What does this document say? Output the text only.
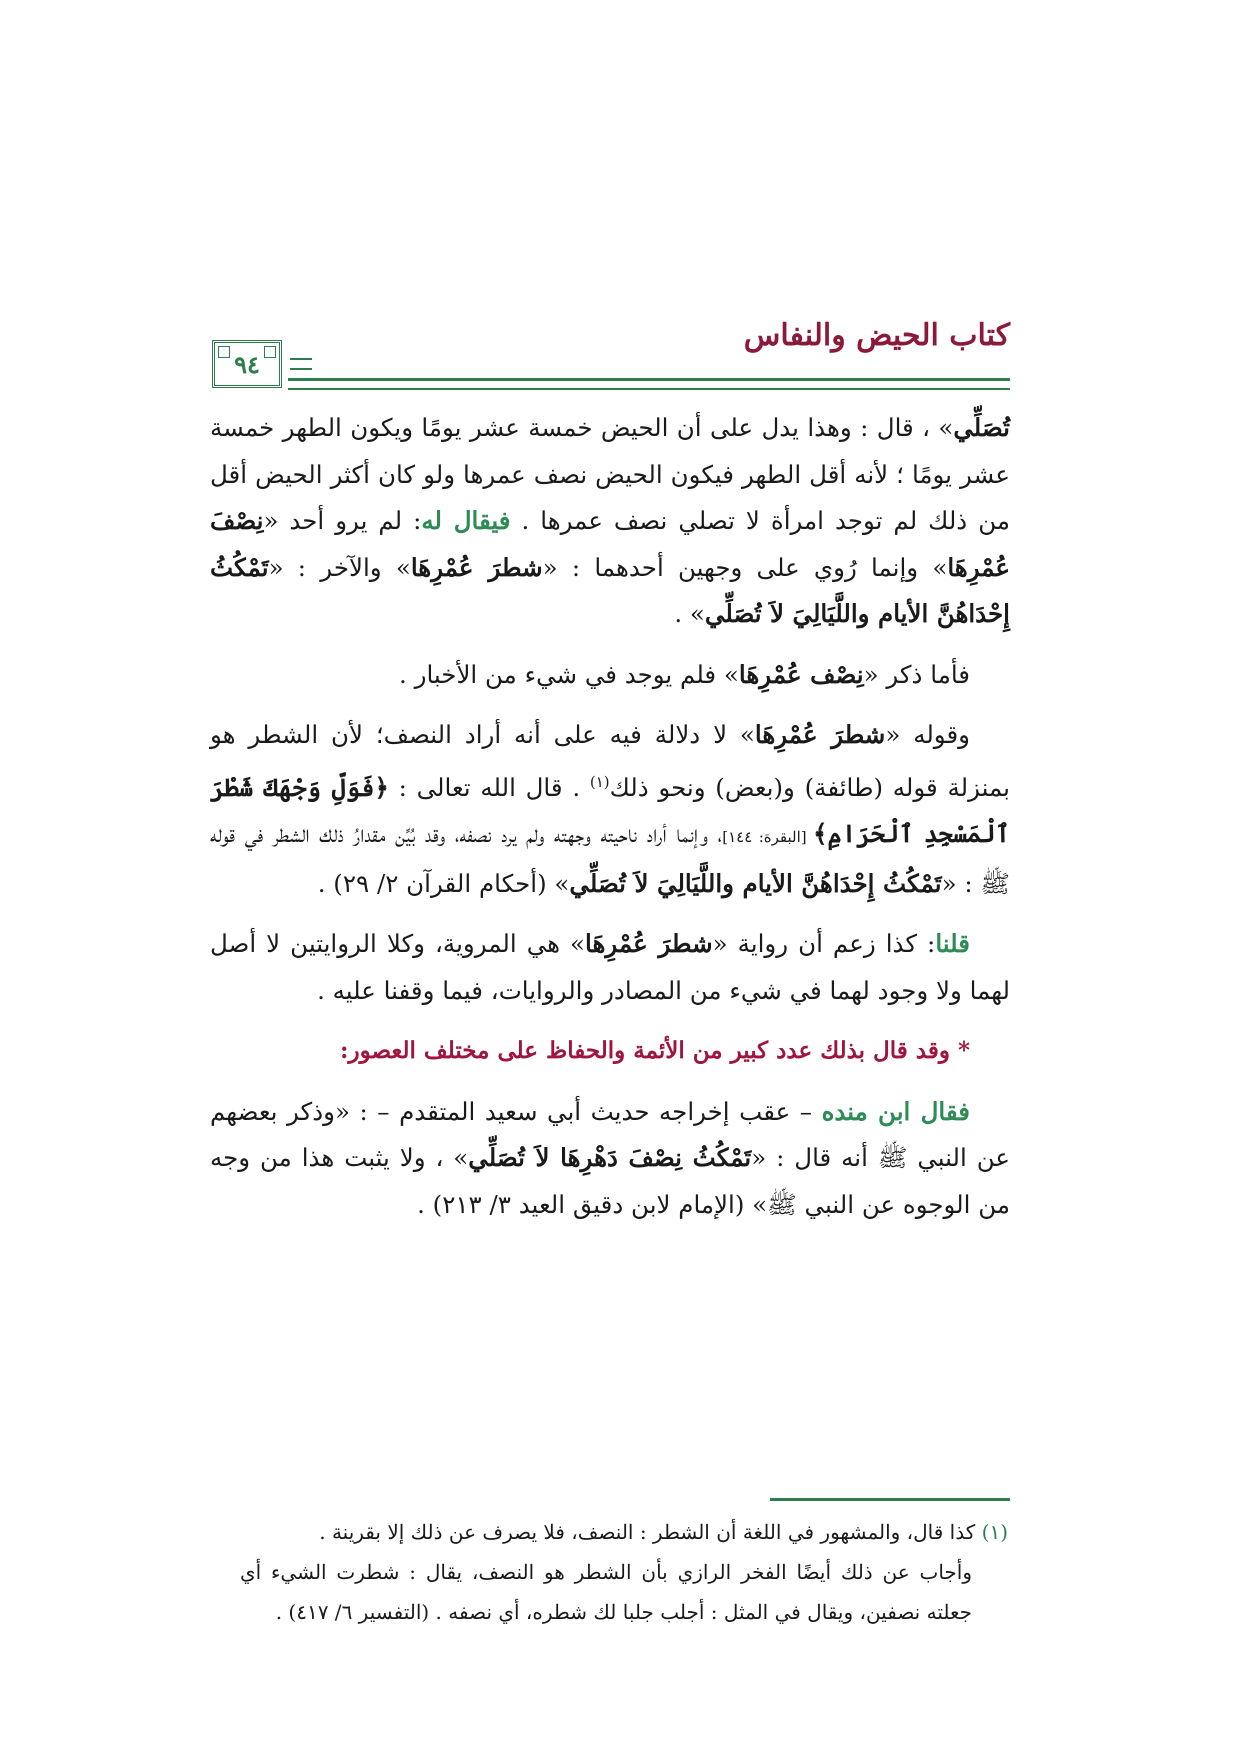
كتاب الحيض والنفاس
٩٤

تُصَلِّي» ، قال : وهذا يدل على أن الحيض خمسة عشر يومًا ويكون الطهر خمسة عشر يومًا ؛ لأنه أقل الطهر فيكون الحيض نصف عمرها ولو كان أكثر الحيض أقل من ذلك لم توجد امرأة لا تصلي نصف عمرها . فيقال له: لم يرو أحد «نِصْفَ عُمْرِهَا» وإنما رُوي على وجهين أحدهما : «شطرَ عُمْرِهَا» والآخر : «تَمْكُثُ إِحْدَاهُنَّ الأيام واللَّيَالِيَ لاَ تُصَلِّي» .

فأما ذكر «نِصْف عُمْرِهَا» فلم يوجد في شيء من الأخبار .

وقوله «شطرَ عُمْرِهَا» لا دلالة فيه على أنه أراد النصف؛ لأن الشطر هو بمنزلة قوله (طائفة) و(بعض) ونحو ذلك$^{(١)}$ . قال الله تعالى : ﴿فَوَلِّ وَجْهَكَ شَطْرَ ٱلْمَسْجِدِ ٱلْحَرَامِ﴾ [البقرة: ١٤٤]، وإنما أراد ناحيته وجهته ولم يرد نصفه، وقد بُيِّن مقدارُ ذلك الشطر في قوله ﷺ : «تَمْكُثُ إِحْدَاهُنَّ الأيام واللَّيَالِيَ لاَ تُصَلِّي» (أحكام القرآن ٢/ ٢٩) .

قلنا: كذا زعم أن رواية «شطرَ عُمْرِهَا» هي المروية، وكلا الروايتين لا أصل لهما ولا وجود لهما في شيء من المصادر والروايات، فيما وقفنا عليه .

* وقد قال بذلك عدد كبير من الأئمة والحفاظ على مختلف العصور:

فقال ابن منده – عقب إخراجه حديث أبي سعيد المتقدم – : «وذكر بعضهم عن النبي ﷺ أنه قال : «تَمْكُثُ نِصْفَ دَهْرِهَا لاَ تُصَلِّي» ، ولا يثبت هذا من وجه من الوجوه عن النبي ﷺ» (الإمام لابن دقيق العيد ٣/ ٢١٣) .

(١) كذا قال، والمشهور في اللغة أن الشطر : النصف، فلا يصرف عن ذلك إلا بقرينة .

وأجاب عن ذلك أيضًا الفخر الرازي بأن الشطر هو النصف، يقال : شطرت الشيء أي جعلته نصفين، ويقال في المثل : أجلب جلبا لك شطره، أي نصفه . (التفسير ٦/ ٤١٧) .
